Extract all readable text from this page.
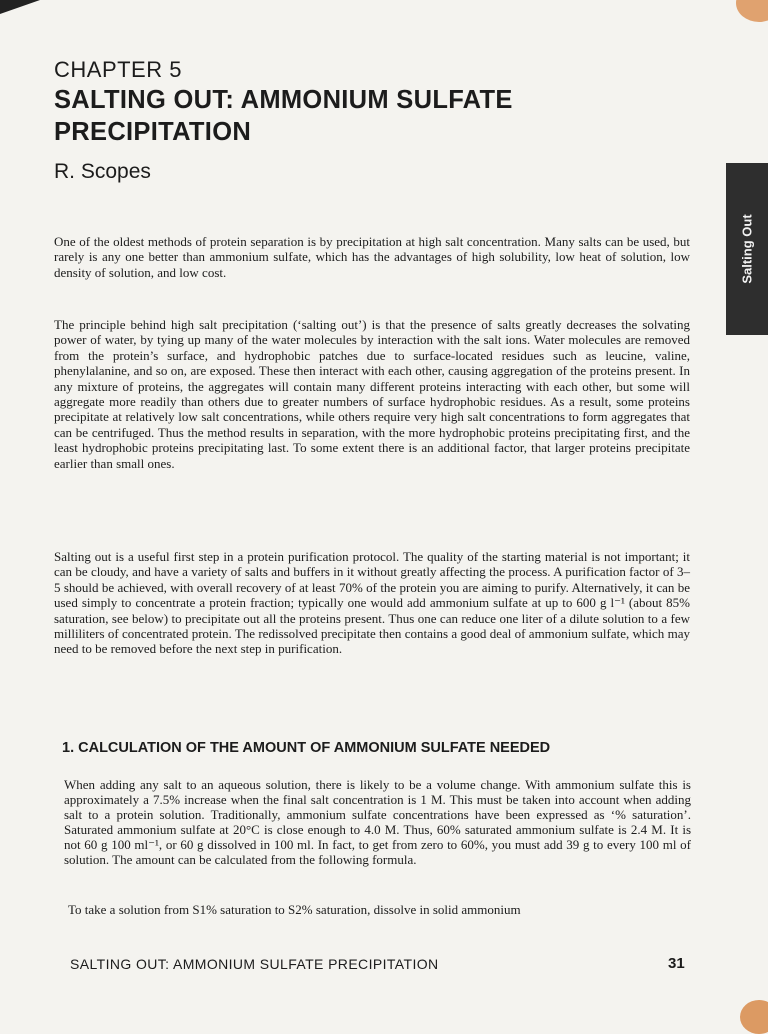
Salting Out
CHAPTER 5
SALTING OUT: AMMONIUM SULFATE PRECIPITATION
R. Scopes

One of the oldest methods of protein separation is by precipitation at high salt concentration. Many salts can be used, but rarely is any one better than ammonium sulfate, which has the advantages of high solubility, low heat of solution, low density of solution, and low cost.

The principle behind high salt precipitation (‘salting out’) is that the presence of salts greatly decreases the solvating power of water, by tying up many of the water molecules by interaction with the salt ions. Water molecules are removed from the protein’s surface, and hydrophobic patches due to surface-located residues such as leucine, valine, phenylalanine, and so on, are exposed. These then interact with each other, causing aggregation of the proteins present. In any mixture of proteins, the aggregates will contain many different proteins interacting with each other, but some will aggregate more readily than others due to greater numbers of surface hydrophobic residues. As a result, some proteins precipitate at relatively low salt concentrations, while others require very high salt concentrations to form aggregates that can be centrifuged. Thus the method results in separation, with the more hydrophobic proteins precipitating first, and the least hydrophobic proteins precipitating last. To some extent there is an additional factor, that larger proteins precipitate earlier than small ones.

Salting out is a useful first step in a protein purification protocol. The quality of the starting material is not important; it can be cloudy, and have a variety of salts and buffers in it without greatly affecting the process. A purification factor of 3–5 should be achieved, with overall recovery of at least 70% of the protein you are aiming to purify. Alternatively, it can be used simply to concentrate a protein fraction; typically one would add ammonium sulfate at up to 600 g l⁻¹ (about 85% saturation, see below) to precipitate out all the proteins present. Thus one can reduce one liter of a dilute solution to a few milliliters of concentrated protein. The redissolved precipitate then contains a good deal of ammonium sulfate, which may need to be removed before the next step in purification.

1. CALCULATION OF THE AMOUNT OF AMMONIUM SULFATE NEEDED

When adding any salt to an aqueous solution, there is likely to be a volume change. With ammonium sulfate this is approximately a 7.5% increase when the final salt concentration is 1 M. This must be taken into account when adding salt to a protein solution. Traditionally, ammonium sulfate concentrations have been expressed as ‘% saturation’. Saturated ammonium sulfate at 20°C is close enough to 4.0 M. Thus, 60% saturated ammonium sulfate is 2.4 M. It is not 60 g 100 ml⁻¹, or 60 g dissolved in 100 ml. In fact, to get from zero to 60%, you must add 39 g to every 100 ml of solution. The amount can be calculated from the following formula.

To take a solution from S1% saturation to S2% saturation, dissolve in solid ammonium

SALTING OUT: AMMONIUM SULFATE PRECIPITATION	31
